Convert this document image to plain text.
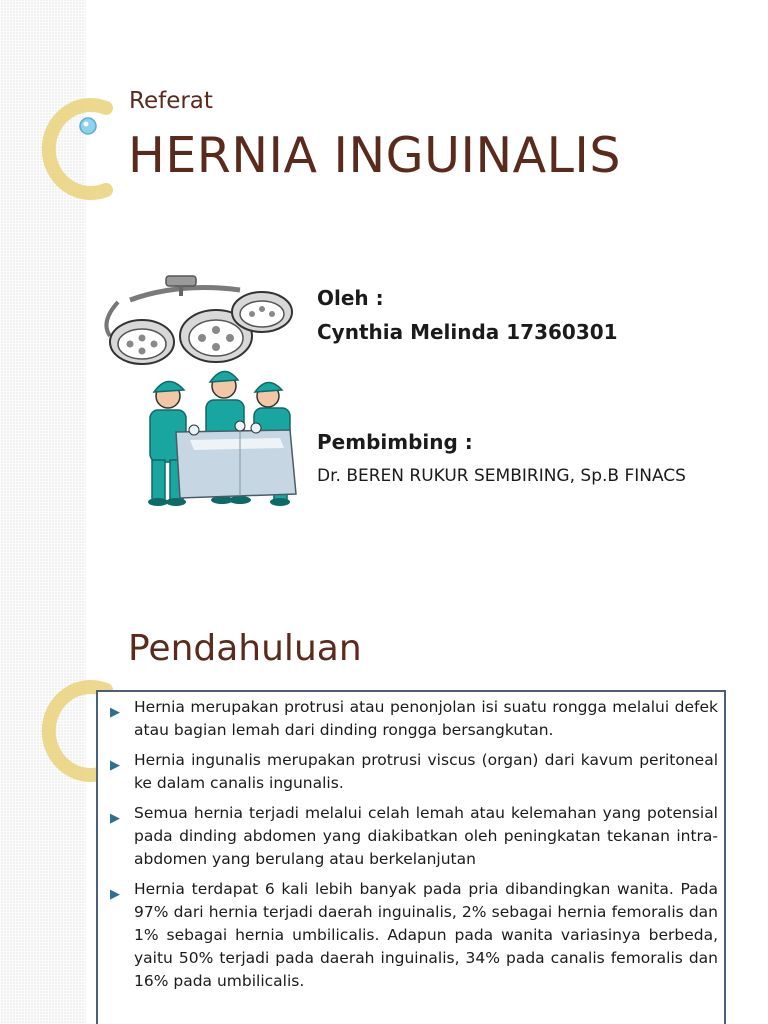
Referat
HERNIA INGUINALIS
Oleh :
Cynthia Melinda 17360301
Pembimbing :
Dr. BEREN RUKUR SEMBIRING, Sp.B FINACS
Pendahuluan
▶ Hernia merupakan protrusi atau penonjolan isi suatu rongga melalui defek atau bagian lemah dari dinding rongga bersangkutan.
▶ Hernia ingunalis merupakan protrusi viscus (organ) dari kavum peritoneal ke dalam canalis ingunalis.
▶ Semua hernia terjadi melalui celah lemah atau kelemahan yang potensial pada dinding abdomen yang diakibatkan oleh peningkatan tekanan intra-abdomen yang berulang atau berkelanjutan
▶ Hernia terdapat 6 kali lebih banyak pada pria dibandingkan wanita. Pada 97% dari hernia terjadi daerah inguinalis, 2% sebagai hernia femoralis dan 1% sebagai hernia umbilicalis. Adapun pada wanita variasinya berbeda, yaitu 50% terjadi pada daerah inguinalis, 34% pada canalis femoralis dan 16% pada umbilicalis.
